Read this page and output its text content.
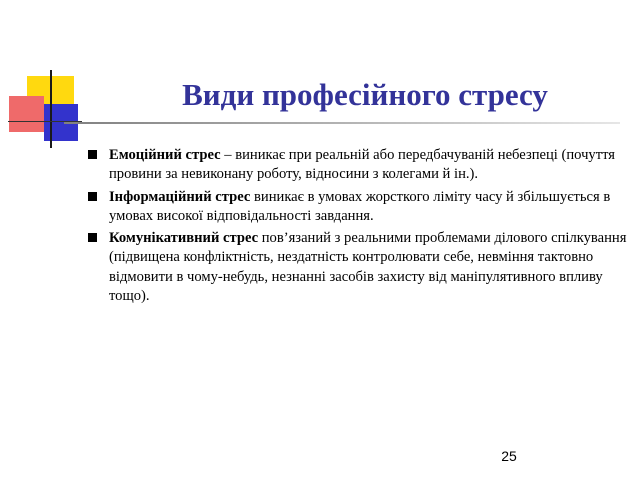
Види професійного стресу
Емоційний стрес – виникає при реальній або передбачуваній небезпеці (почуття провини за невиконану роботу, відносини з колегами й ін.).
Інформаційний стрес виникає в умовах жорсткого ліміту часу й збільшується в умовах високої відповідальності завдання.
Комунікативний стрес пов’язаний з реальними проблемами ділового спілкування (підвищена конфліктність, нездатність контролювати себе, невміння тактовно відмовити в чому-небудь, незнанні засобів захисту від маніпулятивного впливу тощо).
25
